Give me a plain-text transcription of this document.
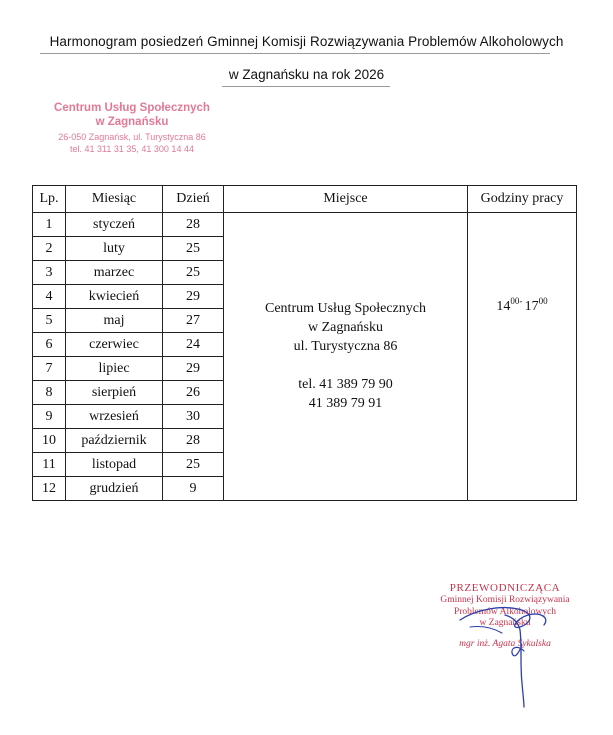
Harmonogram posiedzeń Gminnej Komisji Rozwiązywania Problemów Alkoholowych
w Zagnańsku na rok 2026
Centrum Usług Społecznych
w Zagnańsku
26-050 Zagnańsk, ul. Turystyczna 86
tel. 41 311 31 35, 41 300 14 44
Lp.	Miesiąc	Dzień	Miejsce	Godziny pracy
1	styczeń	28	Centrum Usług Społecznych
w Zagnańsku
ul. Turystyczna 86
tel. 41 389 79 90
41 389 79 91	$14^{00-}$ $17^{00}$

2	luty	25		
3	marzec	25		
4	kwiecień	29		
5	maj	27		
6	czerwiec	24		
7	lipiec	29		
8	sierpień	26		
9	wrzesień	30		
10	październik	28		
11	listopad	25		
12	grudzień	9		
PRZEWODNICZĄCA
Gminnej Komisji Rozwiązywania
Problemów Alkoholowych
w Zagnańsku
mgr inż. Agata Sykulska
